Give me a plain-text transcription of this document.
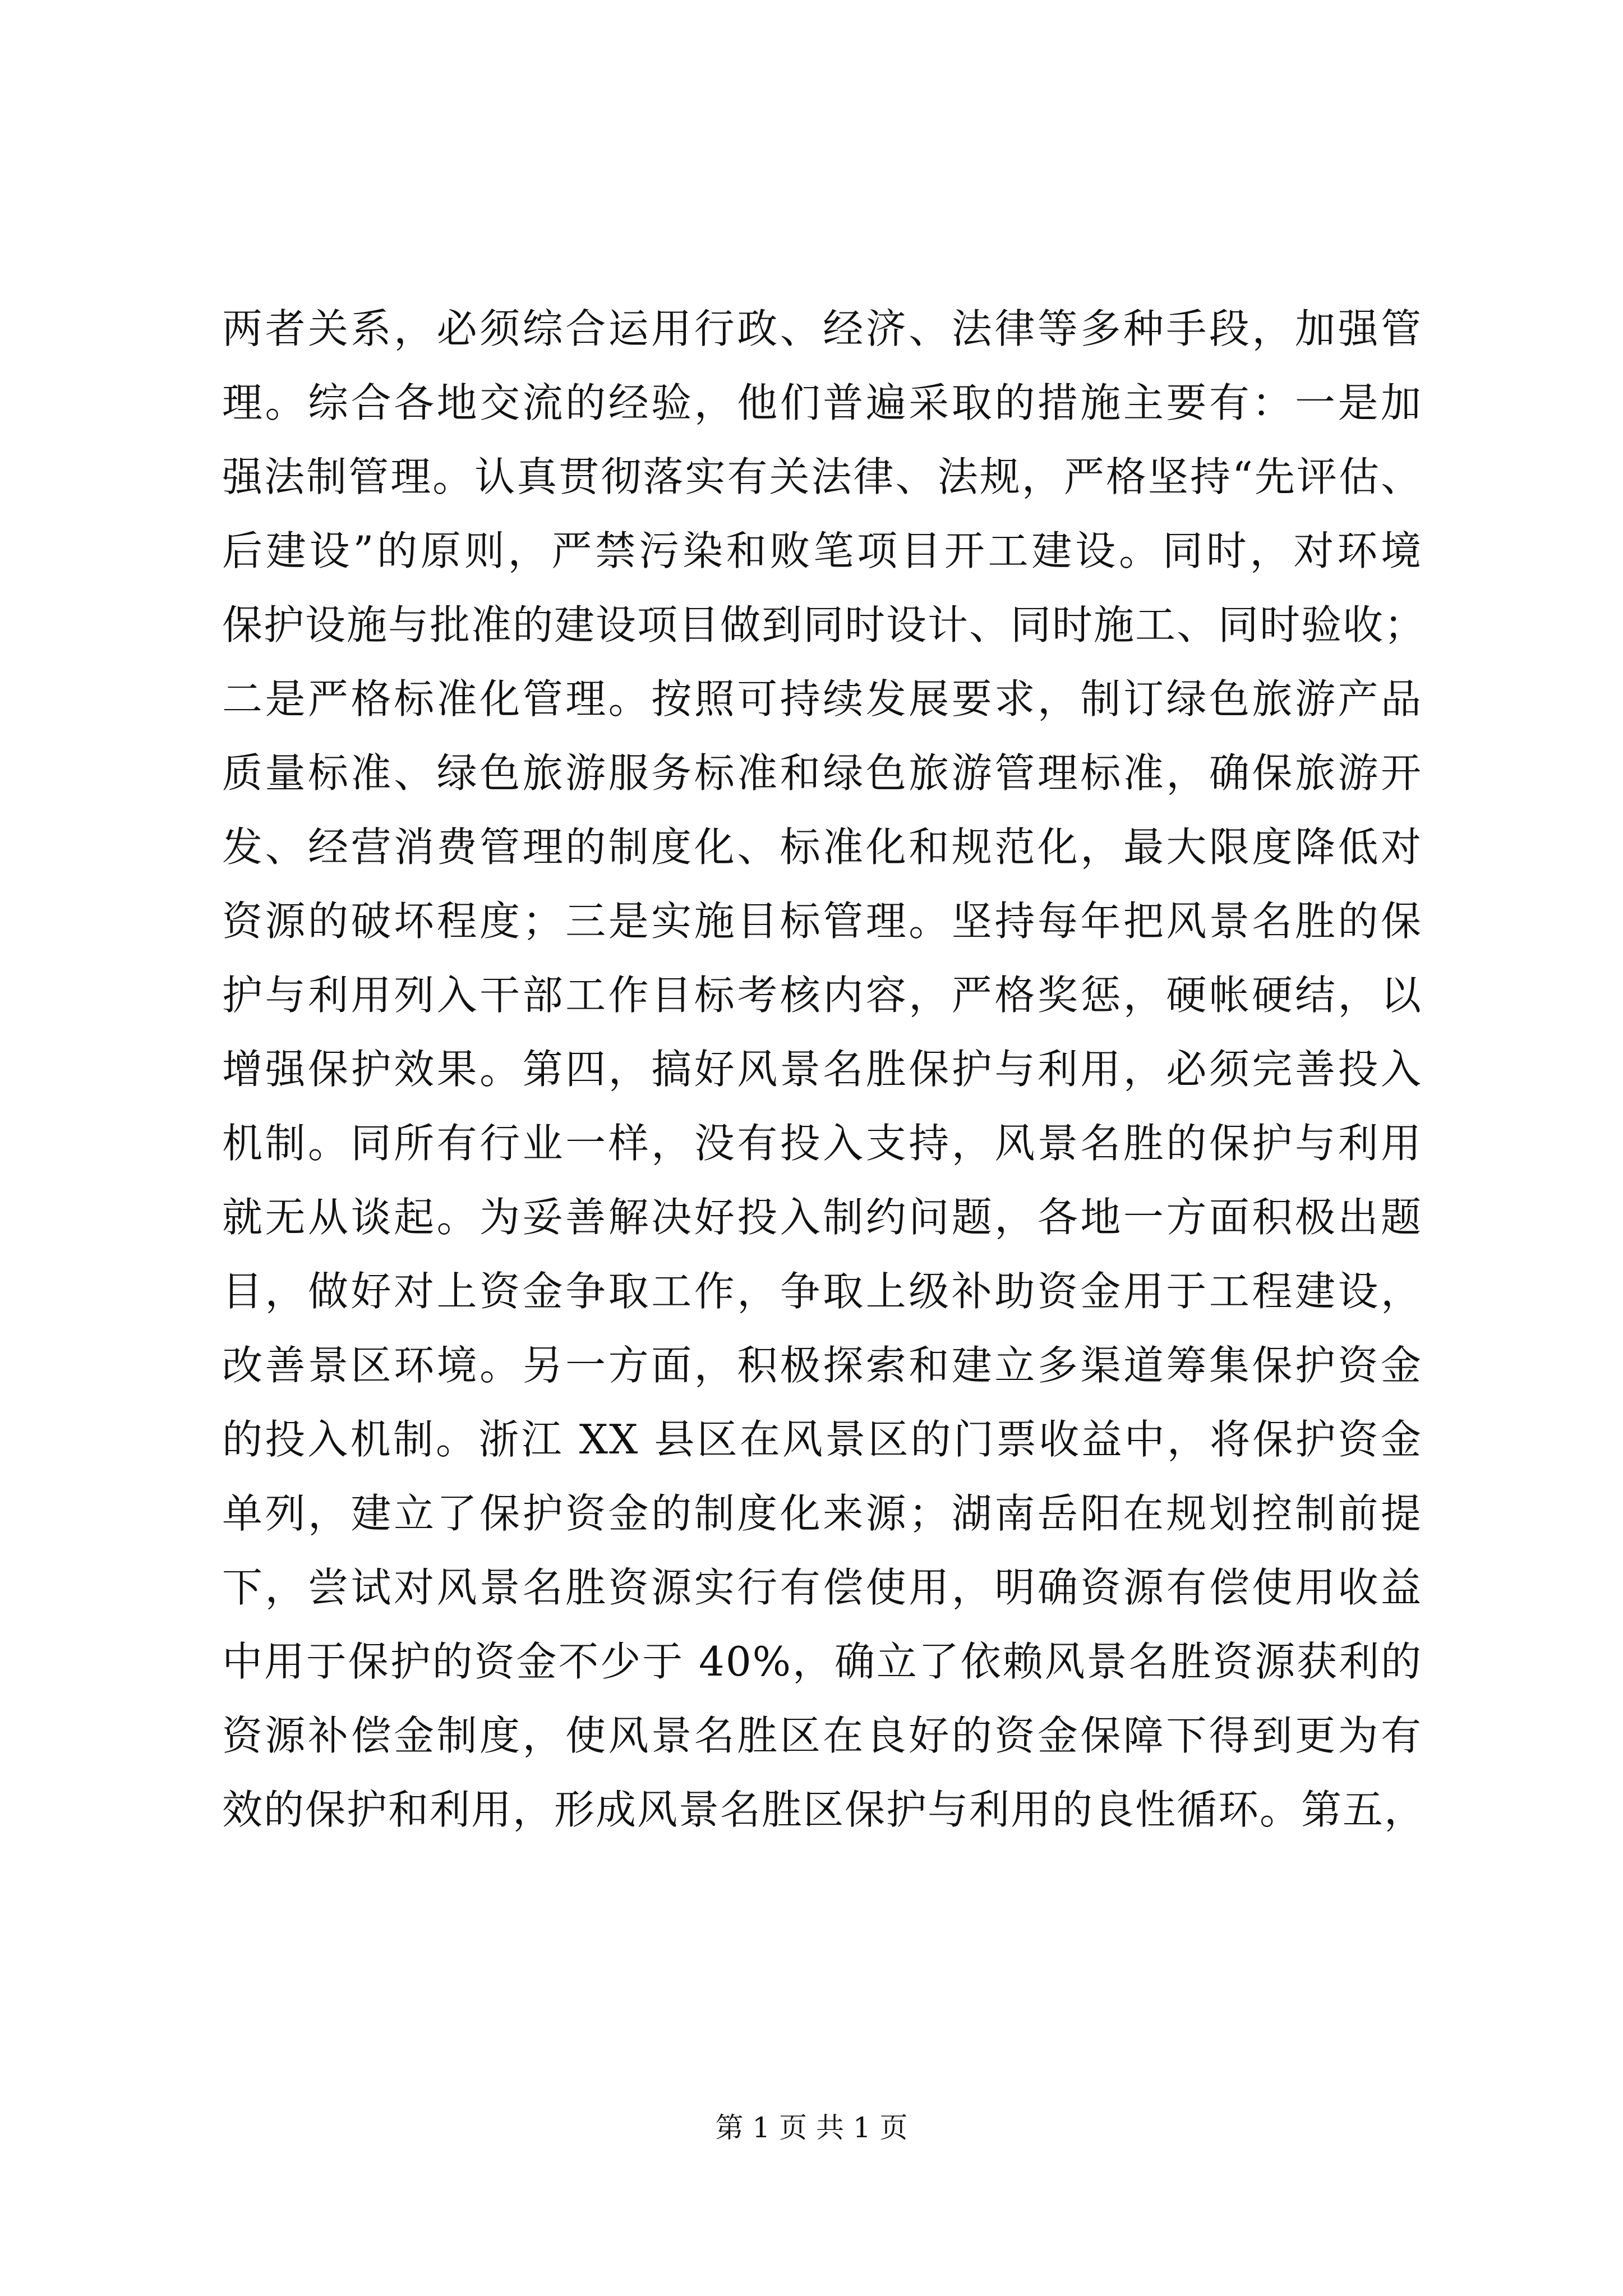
两者关系，必须综合运用行政、经济、法律等多种手段，加强管
理。综合各地交流的经验，他们普遍采取的措施主要有：一是加
强法制管理。认真贯彻落实有关法律、法规，严格坚持“先评估、
后建设”的原则，严禁污染和败笔项目开工建设。同时，对环境
保护设施与批准的建设项目做到同时设计、同时施工、同时验收；
二是严格标准化管理。按照可持续发展要求，制订绿色旅游产品
质量标准、绿色旅游服务标准和绿色旅游管理标准，确保旅游开
发、经营消费管理的制度化、标准化和规范化，最大限度降低对
资源的破坏程度；三是实施目标管理。坚持每年把风景名胜的保
护与利用列入干部工作目标考核内容，严格奖惩，硬帐硬结，以
增强保护效果。第四，搞好风景名胜保护与利用，必须完善投入
机制。同所有行业一样，没有投入支持，风景名胜的保护与利用
就无从谈起。为妥善解决好投入制约问题，各地一方面积极出题
目，做好对上资金争取工作，争取上级补助资金用于工程建设，
改善景区环境。另一方面，积极探索和建立多渠道筹集保护资金
的投入机制。浙江 XX 县区在风景区的门票收益中，将保护资金
单列，建立了保护资金的制度化来源；湖南岳阳在规划控制前提
下，尝试对风景名胜资源实行有偿使用，明确资源有偿使用收益
中用于保护的资金不少于 40%，确立了依赖风景名胜资源获利的
资源补偿金制度，使风景名胜区在良好的资金保障下得到更为有
效的保护和利用，形成风景名胜区保护与利用的良性循环。第五，
第 1 页 共 1 页
